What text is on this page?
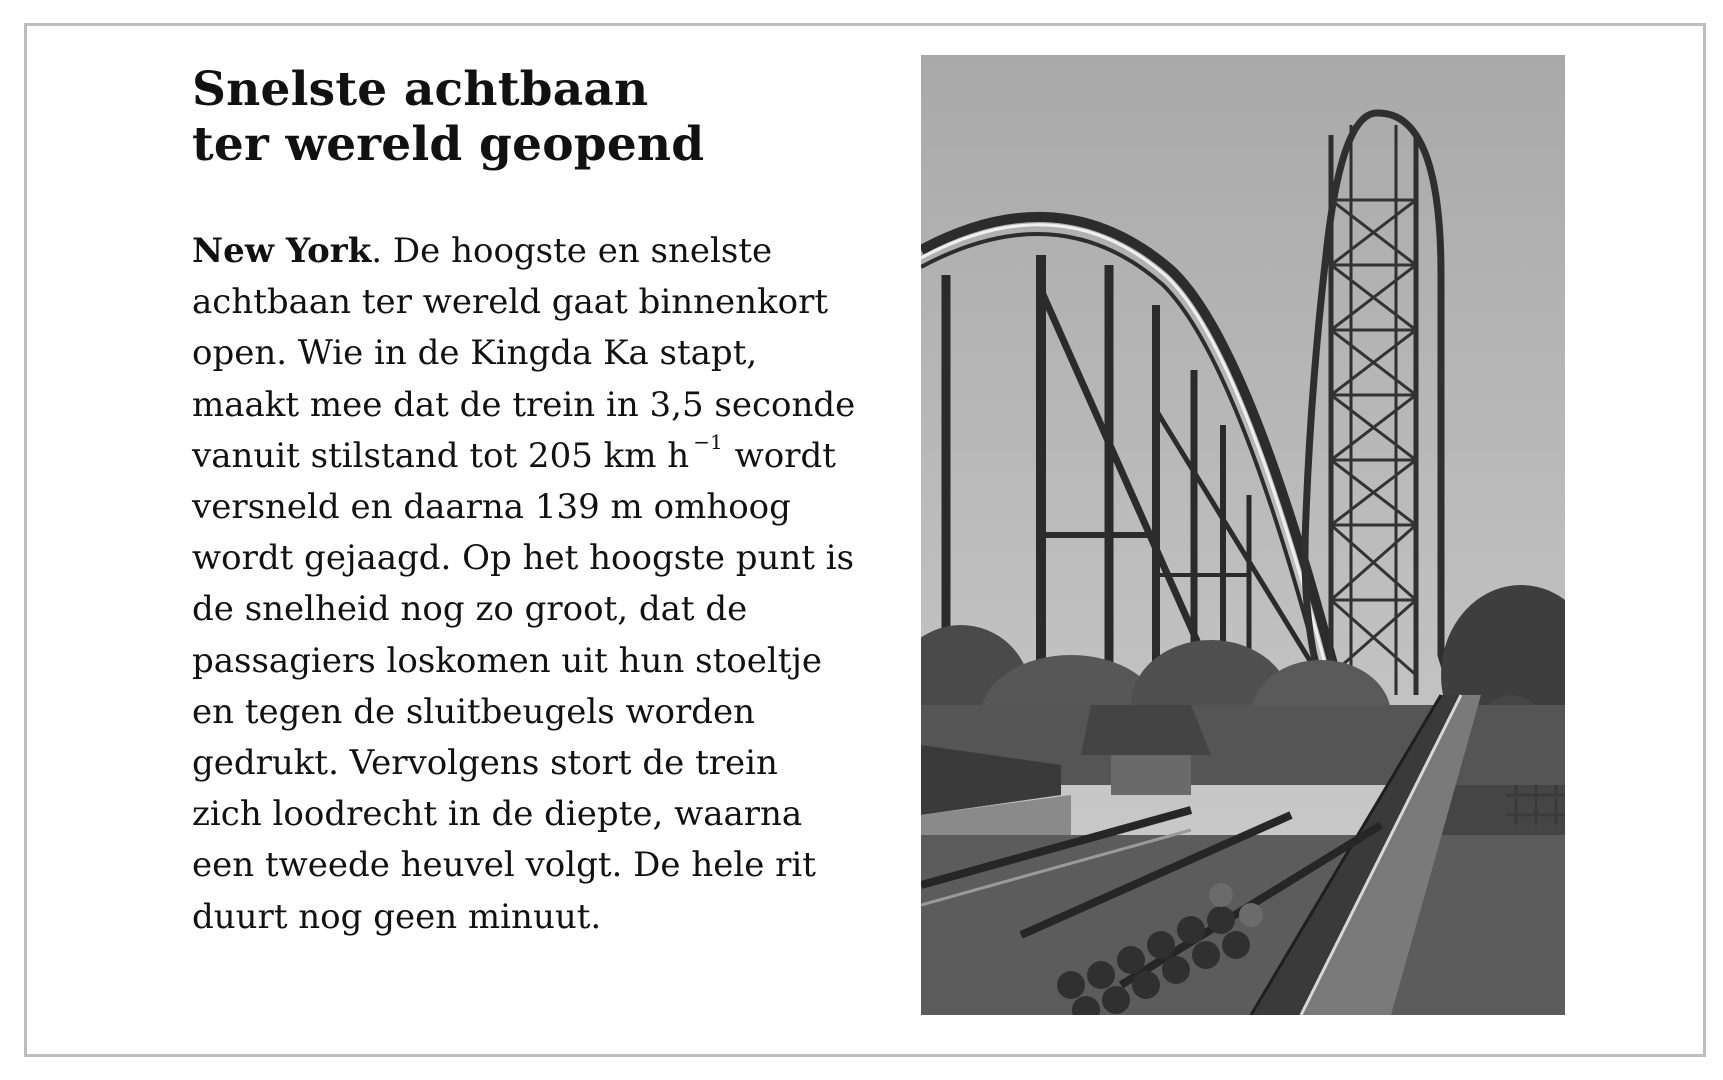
Snelste achtbaan
ter wereld geopend
New York. De hoogste en snelste
achtbaan ter wereld gaat binnenkort
open. Wie in de Kingda Ka stapt,
maakt mee dat de trein in 3,5 seconde
vanuit stilstand tot 205 km h $^{-1}$ wordt
versneld en daarna 139 m omhoog
wordt gejaagd. Op het hoogste punt is
de snelheid nog zo groot, dat de
passagiers loskomen uit hun stoeltje
en tegen de sluitbeugels worden
gedrukt. Vervolgens stort de trein
zich loodrecht in de diepte, waarna
een tweede heuvel volgt. De hele rit
duurt nog geen minuut.
